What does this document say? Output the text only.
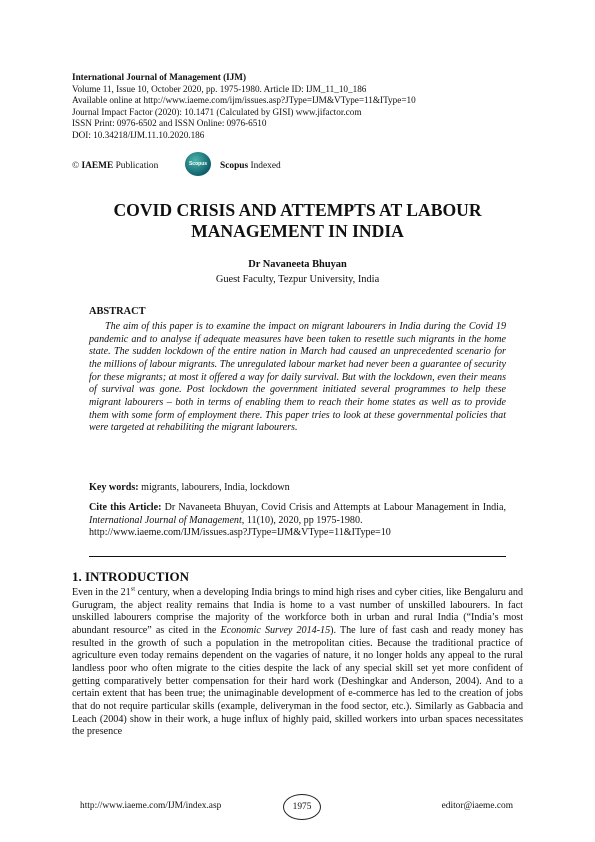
International Journal of Management (IJM)
Volume 11, Issue 10, October 2020, pp. 1975-1980. Article ID: IJM_11_10_186
Available online at http://www.iaeme.com/ijm/issues.asp?JType=IJM&VType=11&IType=10
Journal Impact Factor (2020): 10.1471 (Calculated by GISI) www.jifactor.com
ISSN Print: 0976-6502 and ISSN Online: 0976-6510
DOI: 10.34218/IJM.11.10.2020.186
© IAEME Publication	Scopus Scopus Indexed
COVID CRISIS AND ATTEMPTS AT LABOUR
MANAGEMENT IN INDIA
Dr Navaneeta Bhuyan
Guest Faculty, Tezpur University, India
ABSTRACT
The aim of this paper is to examine the impact on migrant labourers in India during the Covid 19 pandemic and to analyse if adequate measures have been taken to resettle such migrants in the home state. The sudden lockdown of the entire nation in March had caused an unprecedented scenario for the millions of labour migrants. The unregulated labour market had never been a guarantee of security for these migrants; at most it offered a way for daily survival. But with the lockdown, even their means of survival was gone. Post lockdown the government initiated several programmes to help these migrant labourers – both in terms of enabling them to reach their home states as well as to provide them with some form of employment there. This paper tries to look at these governmental policies that were targeted at rehabiliting the migrant labourers.
Key words: migrants, labourers, India, lockdown
Cite this Article: Dr Navaneeta Bhuyan, Covid Crisis and Attempts at Labour Management in India, International Journal of Management, 11(10), 2020, pp 1975-1980.
http://www.iaeme.com/IJM/issues.asp?JType=IJM&VType=11&IType=10
1. INTRODUCTION
Even in the 21st century, when a developing India brings to mind high rises and cyber cities, like Bengaluru and Gurugram, the abject reality remains that India is home to a vast number of unskilled labourers. In fact unskilled labourers comprise the majority of the workforce both in urban and rural India (“India’s most abundant resource” as cited in the Economic Survey 2014-15). The lure of fast cash and ready money has resulted in the growth of such a population in the metropolitan cities. Because the traditional practice of agriculture even today remains dependent on the vagaries of nature, it no longer holds any appeal to the rural landless poor who often migrate to the cities despite the lack of any special skill set yet more confident of getting comparatively better compensation for their hard work (Deshingkar and Anderson, 2004). And to a certain extent that has been true; the unimaginable development of e-commerce has led to the creation of jobs that do not require particular skills (example, deliveryman in the food sector, etc.). Similarly as Gabbacia and Leach (2004) show in their work, a huge influx of highly paid, skilled workers into urban spaces necessitates the presence
http://www.iaeme.com/IJM/index.asp	1975	editor@iaeme.com
